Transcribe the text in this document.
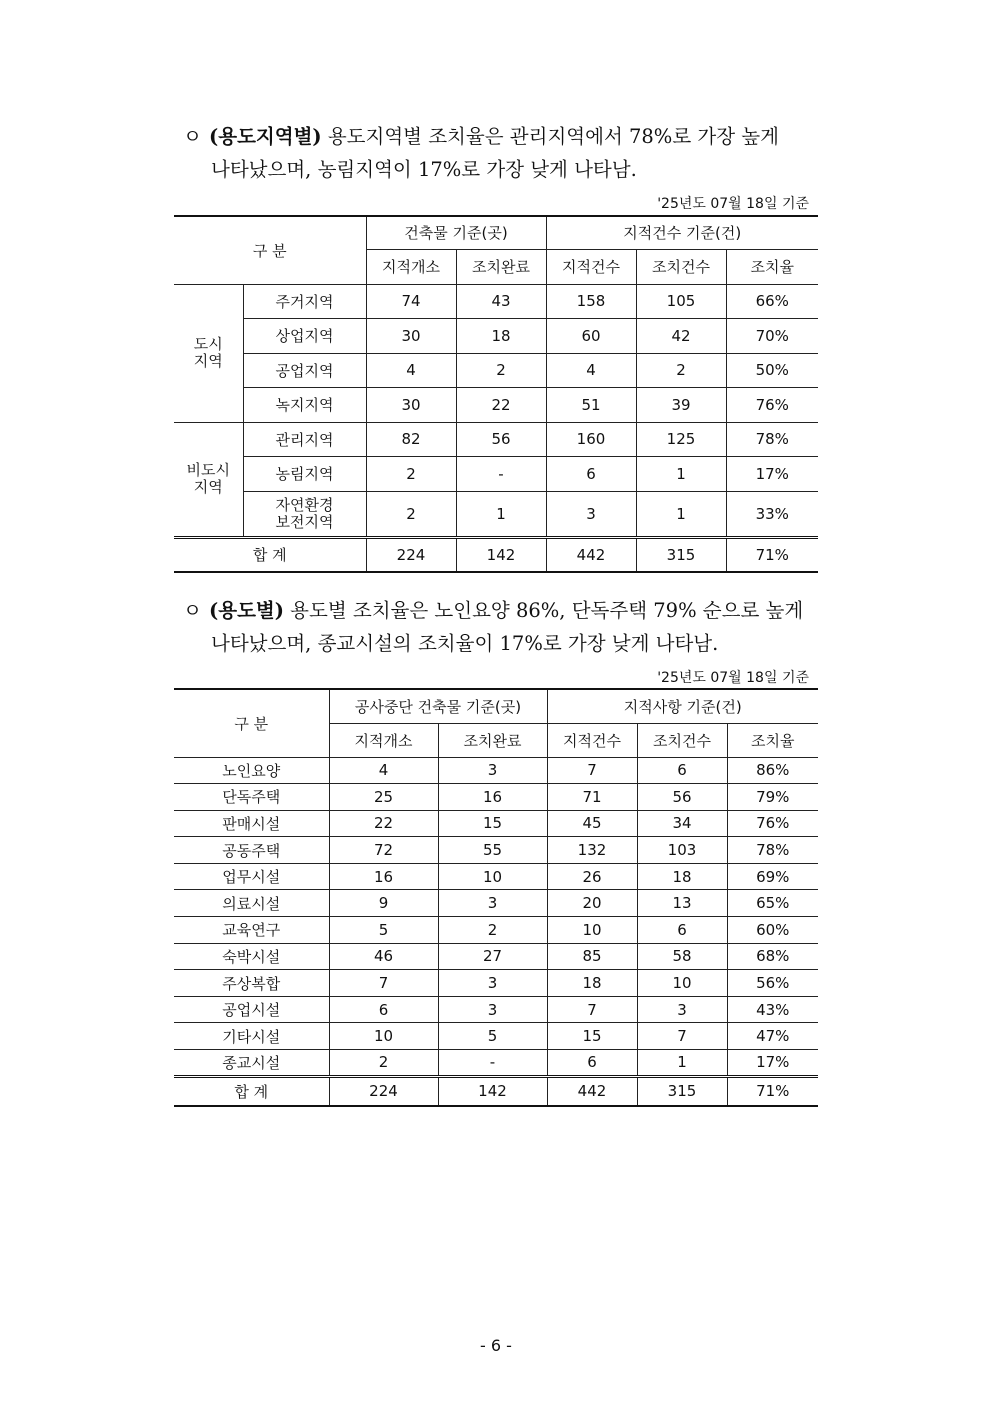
ㅇ (용도지역별) 용도지역별 조치율은 관리지역에서 78%로 가장 높게
나타났으며, 농림지역이 17%로 가장 낮게 나타남.
'25년도 07월 18일 기준
구 분		건축물 기준(곳)		지적건수 기준(건)		
		지적개소	조치완료	지적건수	조치건수	조치율
도시
지역	주거지역	74	43	158	105	66%
	상업지역	30	18	60	42	70%
	공업지역	4	2	4	2	50%
	녹지지역	30	22	51	39	76%
비도시
지역	관리지역	82	56	160	125	78%
	농림지역	2	-	6	1	17%
	자연환경
보전지역	2	1	3	1	33%
합 계		224	142	442	315	71%
ㅇ (용도별) 용도별 조치율은 노인요양 86%, 단독주택 79% 순으로 높게
나타났으며, 종교시설의 조치율이 17%로 가장 낮게 나타남.
'25년도 07월 18일 기준
구 분	공사중단 건축물 기준(곳)		지적사항 기준(건)		
	지적개소	조치완료	지적건수	조치건수	조치율
노인요양	4	3	7	6	86%
단독주택	25	16	71	56	79%
판매시설	22	15	45	34	76%
공동주택	72	55	132	103	78%
업무시설	16	10	26	18	69%
의료시설	9	3	20	13	65%
교육연구	5	2	10	6	60%
숙박시설	46	27	85	58	68%
주상복합	7	3	18	10	56%
공업시설	6	3	7	3	43%
기타시설	10	5	15	7	47%
종교시설	2	-	6	1	17%
합 계	224	142	442	315	71%
- 6 -
